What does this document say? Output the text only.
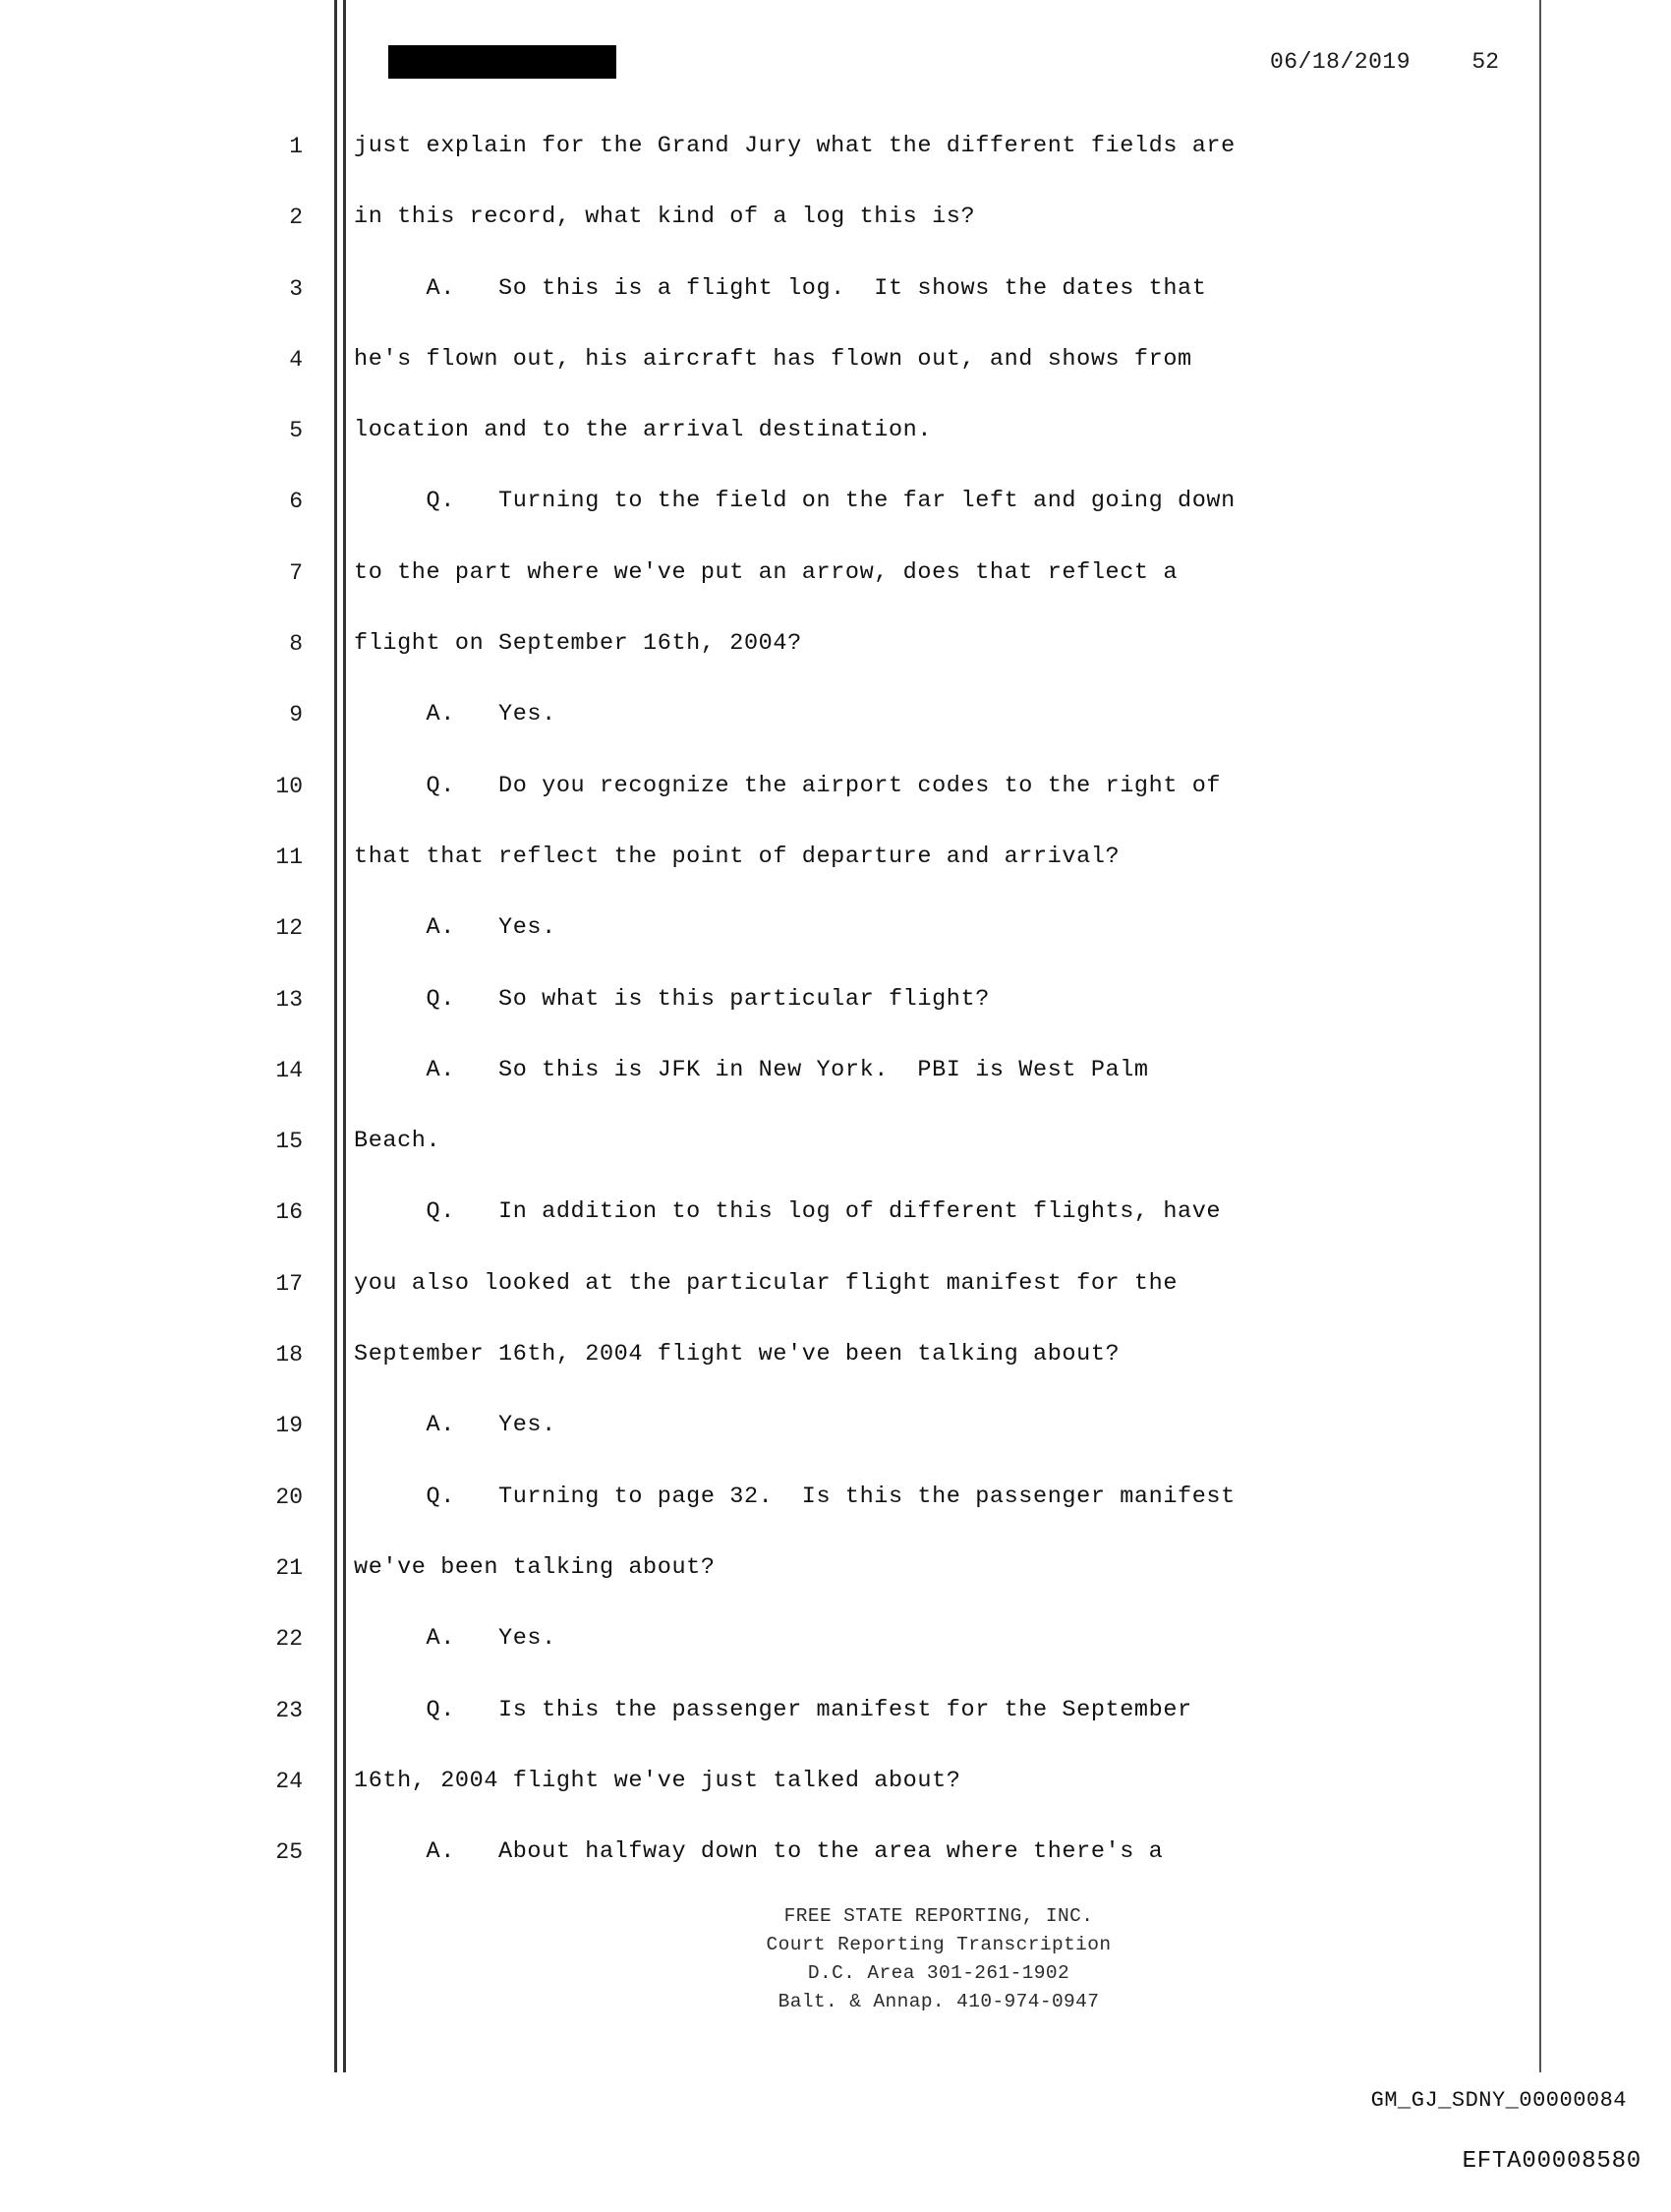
06/18/2019	52
1 just explain for the Grand Jury what the different fields are
2 in this record, what kind of a log this is?
3 A.   So this is a flight log.  It shows the dates that
4 he's flown out, his aircraft has flown out, and shows from
5 location and to the arrival destination.
6 Q.   Turning to the field on the far left and going down
7 to the part where we've put an arrow, does that reflect a
8 flight on September 16th, 2004?
9 A.   Yes.
10 Q.   Do you recognize the airport codes to the right of
11 that that reflect the point of departure and arrival?
12 A.   Yes.
13 Q.   So what is this particular flight?
14 A.   So this is JFK in New York.  PBI is West Palm
15 Beach.
16 Q.   In addition to this log of different flights, have
17 you also looked at the particular flight manifest for the
18 September 16th, 2004 flight we've been talking about?
19 A.   Yes.
20 Q.   Turning to page 32.  Is this the passenger manifest
21 we've been talking about?
22 A.   Yes.
23 Q.   Is this the passenger manifest for the September
24 16th, 2004 flight we've just talked about?
25 A.   About halfway down to the area where there's a
FREE STATE REPORTING, INC.
Court Reporting Transcription
D.C. Area 301-261-1902
Balt. & Annap. 410-974-0947
GM_GJ_SDNY_00000084
EFTA00008580
